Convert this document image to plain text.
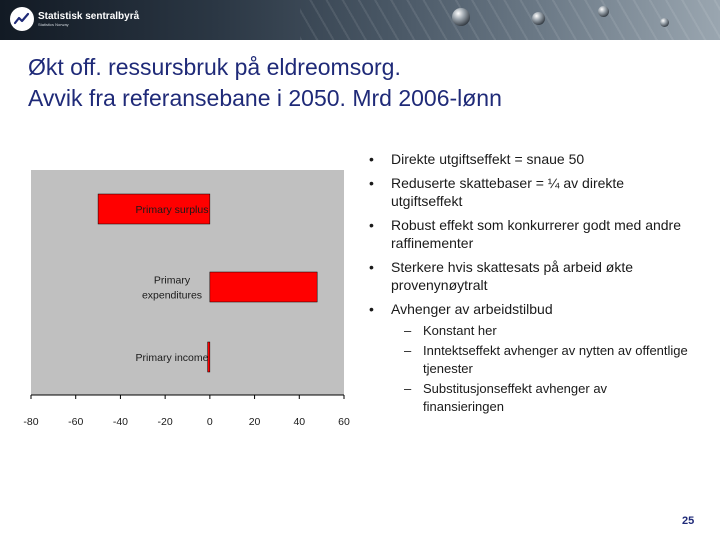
Statistisk sentralbyrå
Statistics Norway
Økt off. ressursbruk på eldreomsorg.
Avvik fra referansebane i 2050. Mrd 2006-lønn
Primary surplus
Primary expenditures
Primary income
-80	-60	-40	-20	0	20	40	60
• Direkte utgiftseffekt = snaue 50
• Reduserte skattebaser = ¼ av direkte utgiftseffekt
• Robust effekt som konkurrerer godt med andre raffinementer
• Sterkere hvis skattesats på arbeid økte provenynøytralt
• Avhenger av arbeidstilbud
– Konstant her
– Inntektseffekt avhenger av nytten av offentlige tjenester
– Substitusjonseffekt avhenger av finansieringen
25
